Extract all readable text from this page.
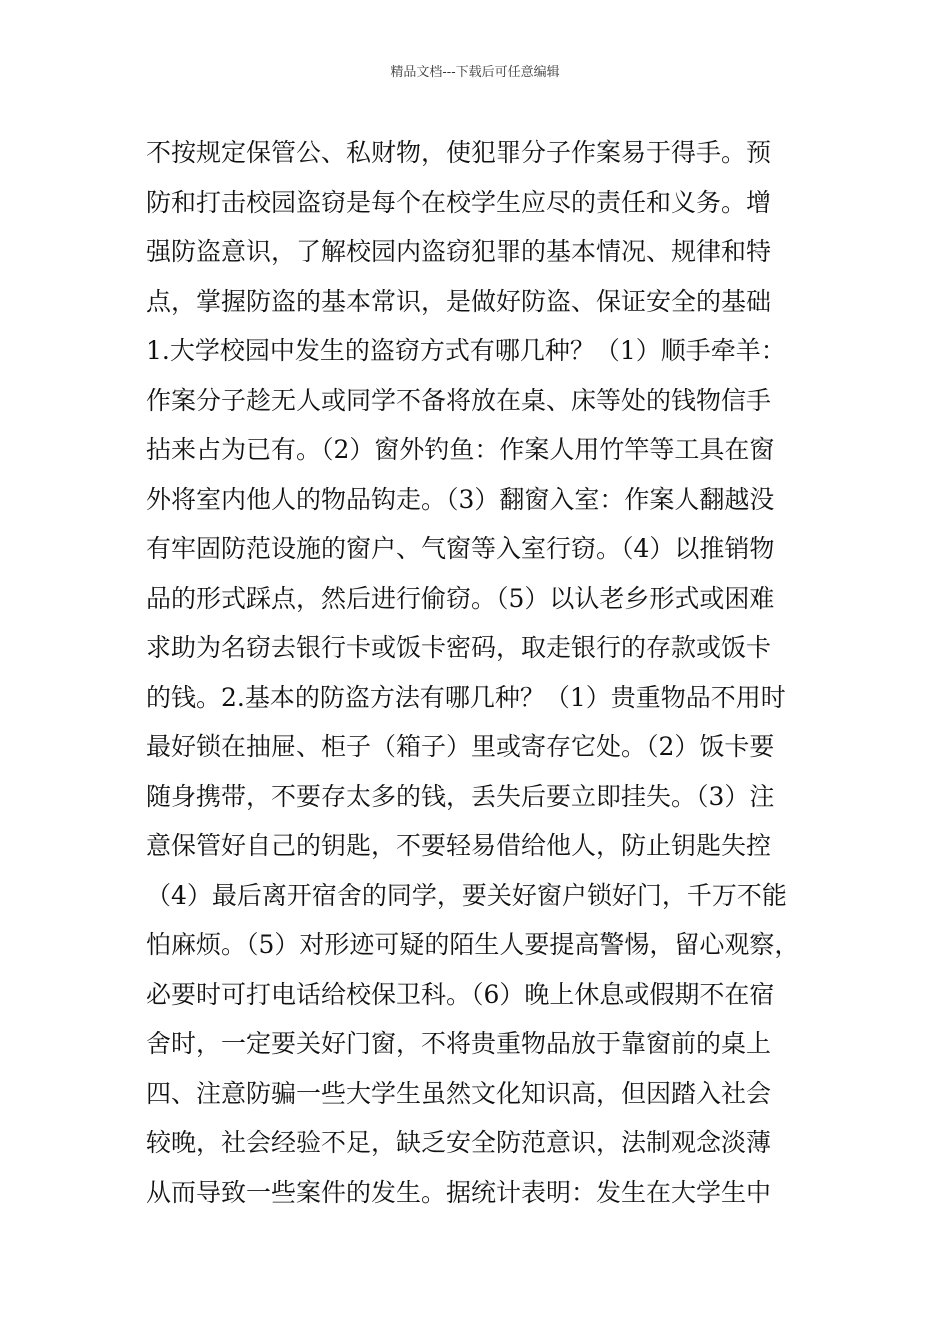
精品文档---下载后可任意编辑
不按规定保管公、私财物，使犯罪分子作案易于得手。预
防和打击校园盗窃是每个在校学生应尽的责任和义务。增
强防盗意识，了解校园内盗窃犯罪的基本情况、规律和特
点，掌握防盗的基本常识，是做好防盗、保证安全的基础
1.大学校园中发生的盗窃方式有哪几种？（1）顺手牵羊：
作案分子趁无人或同学不备将放在桌、床等处的钱物信手
拈来占为已有。（2）窗外钓鱼：作案人用竹竿等工具在窗
外将室内他人的物品钩走。（3）翻窗入室：作案人翻越没
有牢固防范设施的窗户、气窗等入室行窃。（4）以推销物
品的形式踩点，然后进行偷窃。（5）以认老乡形式或困难
求助为名窃去银行卡或饭卡密码，取走银行的存款或饭卡
的钱。2.基本的防盗方法有哪几种？（1）贵重物品不用时
最好锁在抽屉、柜子（箱子）里或寄存它处。（2）饭卡要
随身携带，不要存太多的钱，丢失后要立即挂失。（3）注
意保管好自己的钥匙，不要轻易借给他人，防止钥匙失控
（4）最后离开宿舍的同学，要关好窗户锁好门，千万不能
怕麻烦。（5）对形迹可疑的陌生人要提高警惕，留心观察，
必要时可打电话给校保卫科。（6）晚上休息或假期不在宿
舍时，一定要关好门窗，不将贵重物品放于靠窗前的桌上
四、注意防骗一些大学生虽然文化知识高，但因踏入社会
较晚，社会经验不足，缺乏安全防范意识，法制观念淡薄
从而导致一些案件的发生。据统计表明：发生在大学生中
